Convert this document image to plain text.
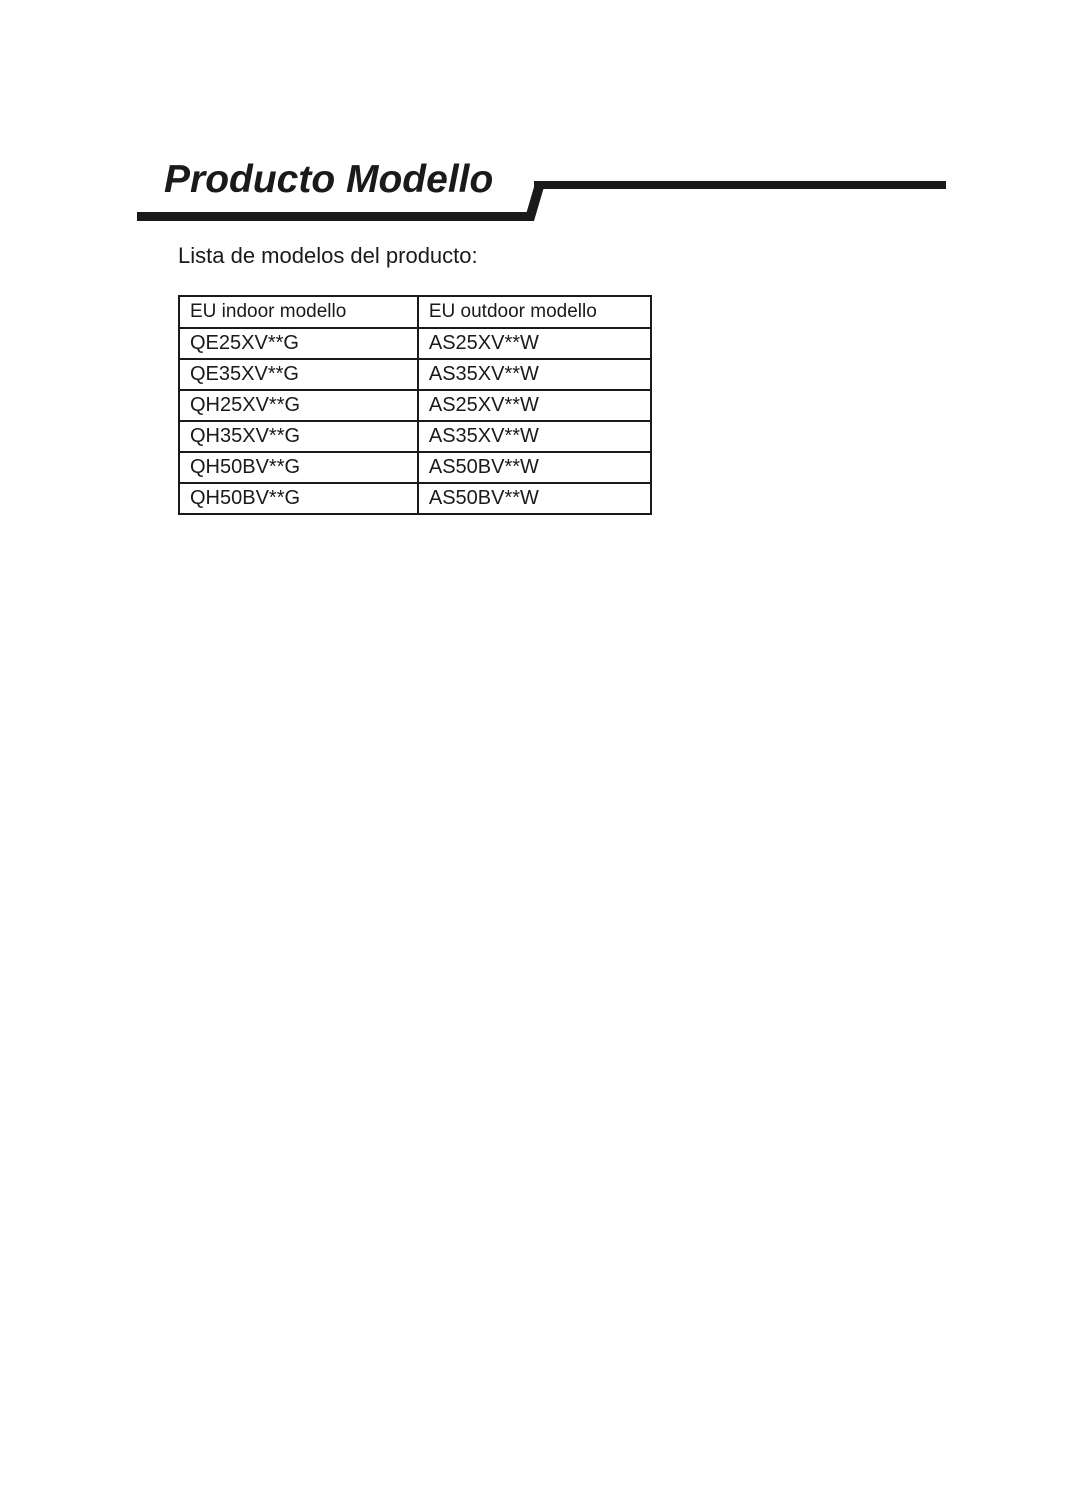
Producto Modello

Lista de modelos del producto:

EU indoor modello	EU outdoor modello
QE25XV**G	AS25XV**W
QE35XV**G	AS35XV**W
QH25XV**G	AS25XV**W
QH35XV**G	AS35XV**W
QH50BV**G	AS50BV**W
QH50BV**G	AS50BV**W
